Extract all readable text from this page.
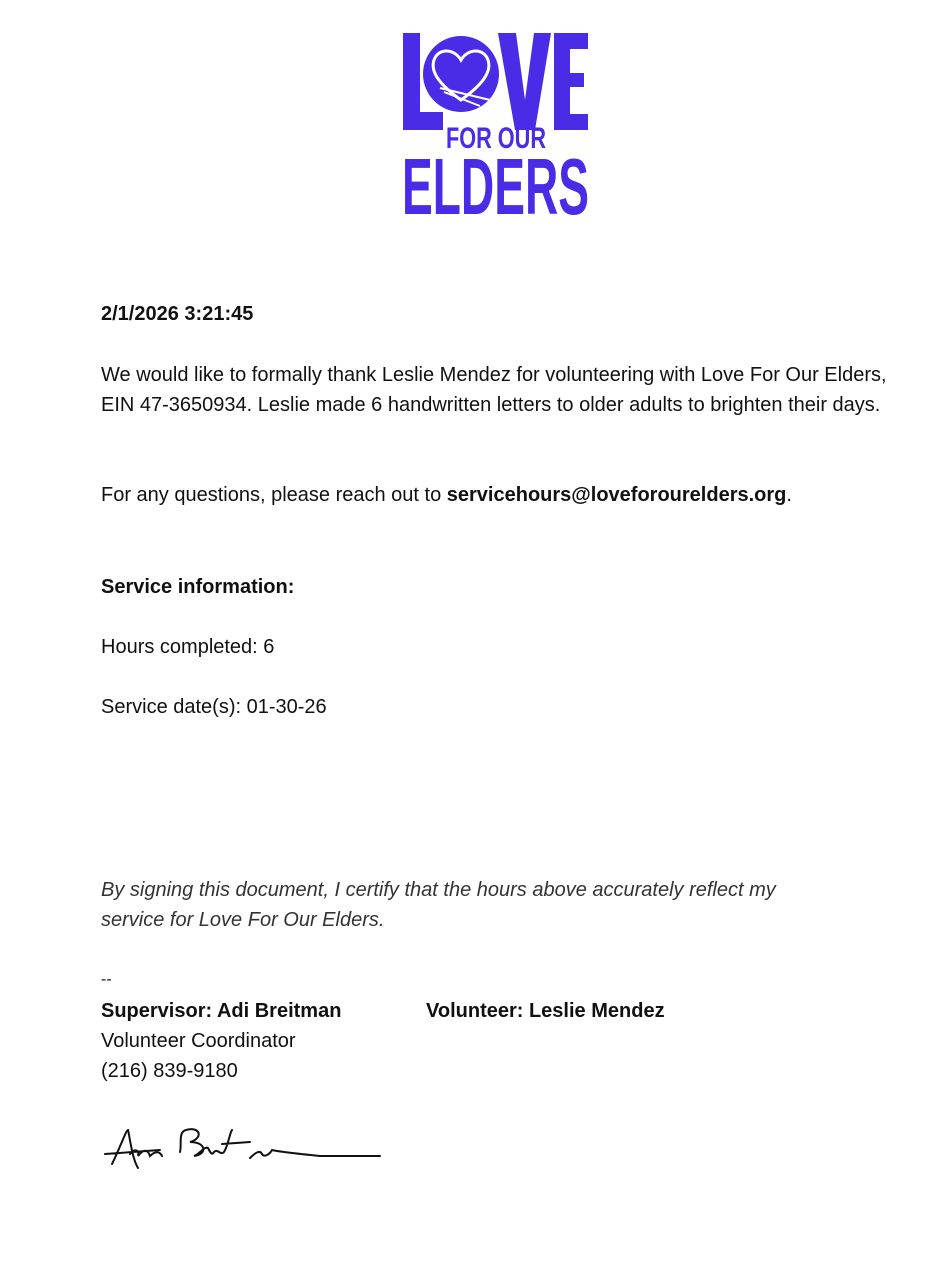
FOR OUR
ELDERS
2/1/2026 3:21:45
We would like to formally thank Leslie Mendez for volunteering with Love For Our Elders, EIN 47-3650934. Leslie made 6 handwritten letters to older adults to brighten their days.
For any questions, please reach out to servicehours@loveforourelders.org.
Service information:
Hours completed: 6
Service date(s): 01-30-26
By signing this document, I certify that the hours above accurately reflect my service for Love For Our Elders.
--
Supervisor: Adi Breitman	Volunteer: Leslie Mendez
Volunteer Coordinator
(216) 839-9180
